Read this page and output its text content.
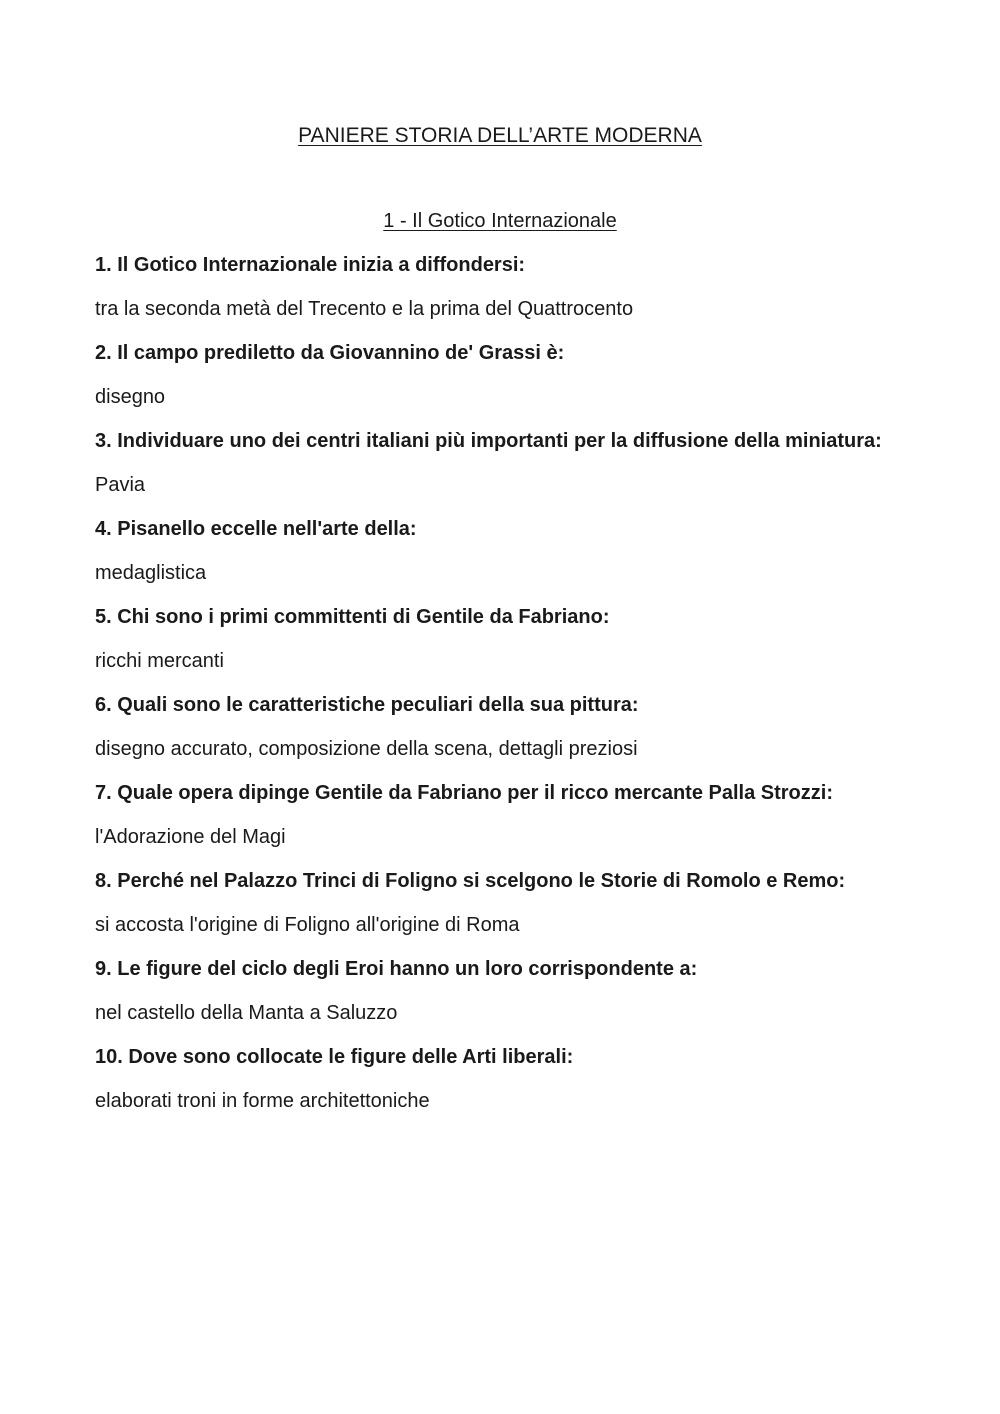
PANIERE STORIA DELL’ARTE MODERNA
1 - Il Gotico Internazionale

1. Il Gotico Internazionale inizia a diffondersi:

tra la seconda metà del Trecento e la prima del Quattrocento

2. Il campo prediletto da Giovannino de' Grassi è:

disegno

3. Individuare uno dei centri italiani più importanti per la diffusione della miniatura:

Pavia

4. Pisanello eccelle nell'arte della:

medaglistica

5. Chi sono i primi committenti di Gentile da Fabriano:

ricchi mercanti

6. Quali sono le caratteristiche peculiari della sua pittura:

disegno accurato, composizione della scena, dettagli preziosi

7. Quale opera dipinge Gentile da Fabriano per il ricco mercante Palla Strozzi:

l'Adorazione del Magi

8. Perché nel Palazzo Trinci di Foligno si scelgono le Storie di Romolo e Remo:

si accosta l'origine di Foligno all'origine di Roma

9. Le figure del ciclo degli Eroi hanno un loro corrispondente a:

nel castello della Manta a Saluzzo

10. Dove sono collocate le figure delle Arti liberali:

elaborati troni in forme architettoniche
